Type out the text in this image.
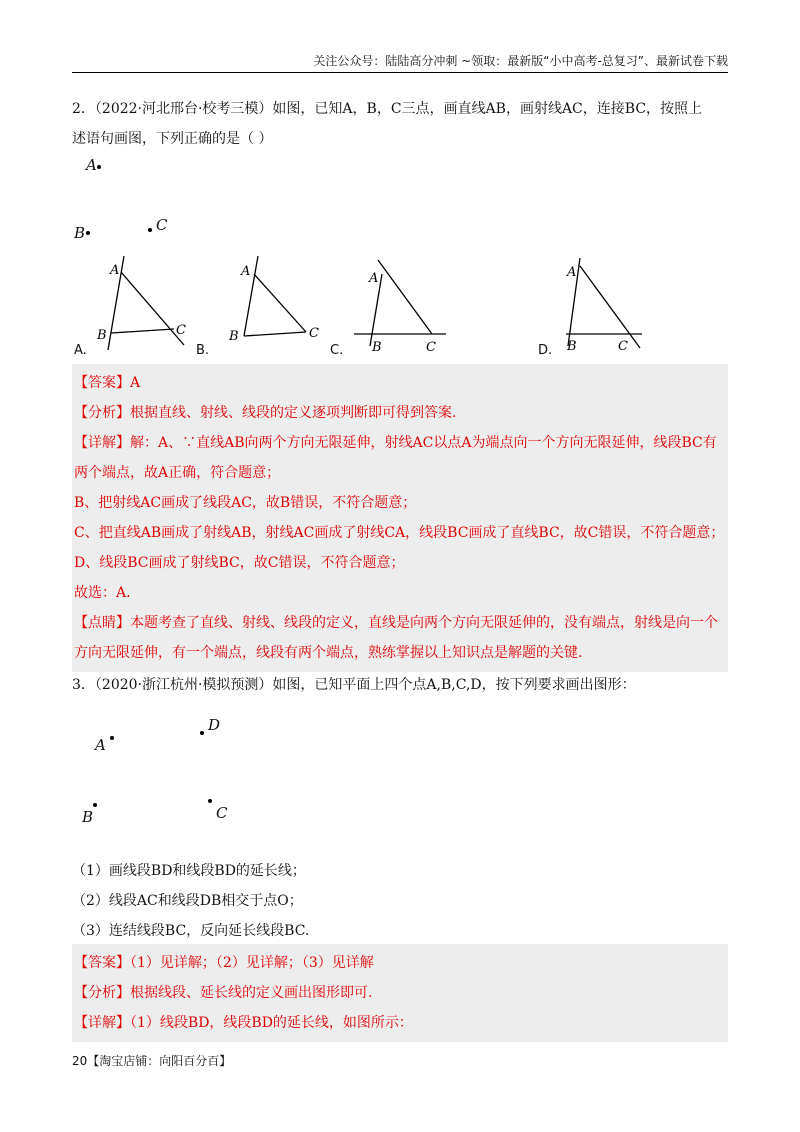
关注公众号：陆陆高分冲刺 ~领取：最新版“小中高考-总复习”、最新试卷下载
2．（2022·河北邢台·校考三模）如图，已知A，B，C三点，画直线AB，画射线AC，连接BC，按照上
述语句画图，下列正确的是（ ）
A
B	C
A
B	C
A
B	C
A
B	C
A
B	C
A.	B.	C.	D.
【答案】A
【分析】根据直线、射线、线段的定义逐项判断即可得到答案.
【详解】解：A、∵直线AB向两个方向无限延伸，射线AC以点A为端点向一个方向无限延伸，线段BC有
两个端点，故A正确，符合题意；
B、把射线AC画成了线段AC，故B错误，不符合题意；
C、把直线AB画成了射线AB，射线AC画成了射线CA，线段BC画成了直线BC，故C错误，不符合题意；
D、线段BC画成了射线BC，故C错误，不符合题意；
故选：A.
【点睛】本题考查了直线、射线、线段的定义，直线是向两个方向无限延伸的，没有端点，射线是向一个
方向无限延伸，有一个端点，线段有两个端点，熟练掌握以上知识点是解题的关键.
3．（2020·浙江杭州·模拟预测）如图，已知平面上四个点A,B,C,D，按下列要求画出图形：
A
D
B	C
（1）画线段BD和线段BD的延长线；
（2）线段AC和线段DB相交于点O；
（3）连结线段BC，反向延长线段BC.
【答案】（1）见详解；（2）见详解；（3）见详解
【分析】根据线段、延长线的定义画出图形即可.
【详解】（1）线段BD，线段BD的延长线，如图所示：
20【淘宝店铺：向阳百分百】
